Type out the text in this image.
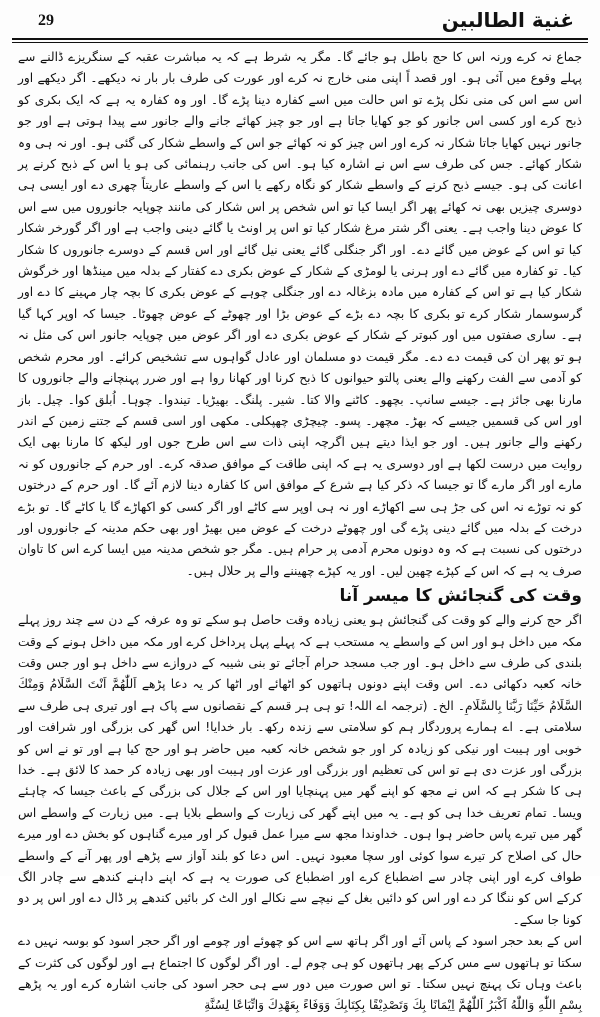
29	غنية الطالبين

جماع نہ کرے ورنہ اس کا حج باطل ہو جائے گا۔ مگر یہ شرط ہے کہ یہ مباشرت عقبہ کے سنگریزے ڈالنے سے پہلے وقوع میں آئی ہو۔ اور قصد اً اپنی منی خارج نہ کرے اور عورت کی طرف بار بار نہ دیکھے۔ اگر دیکھے اور اس سے اس کی منی نکل پڑے تو اس حالت میں اسے کفارہ دینا پڑے گا۔ اور وہ کفارہ یہ ہے کہ ایک بکری کو ذبح کرے اور کسی اس جانور کو جو کھایا جاتا ہے اور جو چیز کھائے جانے والے جانور سے پیدا ہوتی ہے اور جو جانور نہیں کھایا جاتا شکار نہ کرے اور اس چیز کو نہ کھائے جو اس کے واسطے شکار کی گئی ہو۔ اور نہ ہی وہ شکار کھائے۔ جس کی طرف سے اس نے اشارہ کیا ہو۔ اس کی جانب رہنمائی کی ہو یا اس کے ذبح کرنے پر اعانت کی ہو۔ جیسے ذبح کرنے کے واسطے شکار کو نگاہ رکھے یا اس کے واسطے عاریتاً چھری دے اور ایسی ہی دوسری چیزیں بھی نہ کھائے پھر اگر ایسا کیا تو اس شخص پر اس شکار کی مانند چوپایہ جانوروں میں سے اس کا عوض دینا واجب ہے۔ یعنی اگر شتر مرغ شکار کیا تو اس پر اونٹ یا گائے دینی واجب ہے اور اگر گورخر شکار کیا تو اس کے عوض میں گائے دے۔ اور اگر جنگلی گائے یعنی نیل گائے اور اس قسم کے دوسرے جانوروں کا شکار کیا۔ تو کفارہ میں گائے دے اور ہرنی یا لومڑی کے شکار کے عوض بکری دے کفتار کے بدلہ میں مینڈھا اور خرگوش شکار کیا ہے تو اس کے کفارہ میں مادہ بزغالہ دے اور جنگلی چوہے کے عوض بکری کا بچہ چار مہینے کا دے اور گرسوسمار شکار کرے تو بکری کا بچہ دے بڑے کے عوض بڑا اور چھوٹے کے عوض چھوٹا۔ جیسا کہ اوپر کہا گیا ہے۔ ساری صفتوں میں اور کبوتر کے شکار کے عوض بکری دے اور اگر عوض میں چوپایہ جانور اس کی مثل نہ ہو تو پھر ان کی قیمت دے دے۔ مگر قیمت دو مسلمان اور عادل گواہوں سے تشخیص کرائے۔ اور محرم شخص کو آدمی سے الفت رکھنے والے یعنی پالتو حیوانوں کا ذبح کرنا اور کھانا روا ہے اور ضرر پہنچانے والے جانوروں کا مارنا بھی جائز ہے۔ جیسے سانپ۔ بچھو۔ کاٹنے والا کتا۔ شیر۔ پلنگ۔ بھیڑیا۔ تیندوا۔ چوہا۔ اُبلق کوا۔ چیل۔ باز اور اس کی قسمیں جیسے کہ بھڑ۔ مچھر۔ پسو۔ چیچڑی چھپکلی۔ مکھی اور اسی قسم کے جتنے زمین کے اندر رکھنے والے جانور ہیں۔ اور جو ایذا دیتے ہیں اگرچہ اپنی ذات سے اس طرح جوں اور لیکھ کا مارنا بھی ایک روایت میں درست لکھا ہے اور دوسری یہ ہے کہ اپنی طاقت کے موافق صدقہ کرے۔ اور حرم کے جانوروں کو نہ مارے اور اگر مارے گا تو جیسا کہ ذکر کیا ہے شرع کے موافق اس کا کفارہ دینا لازم آئے گا۔ اور حرم کے درختوں کو نہ توڑے نہ اس کی جڑ ہی سے اکھاڑے اور نہ ہی اوپر سے کاٹے اور اگر کسی کو اکھاڑے گا یا کاٹے گا۔ تو بڑے درخت کے بدلہ میں گائے دینی پڑے گی اور چھوٹے درخت کے عوض میں بھیڑ اور بھی حکم مدینہ کے جانوروں اور درختوں کی نسبت ہے کہ وہ دونوں محرم آدمی پر حرام ہیں۔ مگر جو شخص مدینہ میں ایسا کرے اس کا تاوان صرف یہ ہے کہ اس کے کپڑے چھین لیں۔ اور یہ کپڑے چھیننے والے پر حلال ہیں۔

وقت کی گنجائش کا میسر آنا

اگر حج کرنے والے کو وقت کی گنجائش ہو یعنی زیادہ وقت حاصل ہو سکے تو وہ عرفہ کے دن سے چند روز پہلے مکہ میں داخل ہو اور اس کے واسطے یہ مستحب ہے کہ پہلے پہل پرداخل کرے اور مکہ میں داخل ہونے کے وقت بلندی کی طرف سے داخل ہو۔ اور جب مسجد حرام آجائے تو بنی شیبہ کے دروازے سے داخل ہو اور جس وقت خانہ کعبہ دکھائی دے۔ اس وقت اپنے دونوں ہاتھوں کو اٹھائے اور اٹھا کر یہ دعا پڑھے اَللّٰھُمَّ اَنْتَ السَّلَامُ وَمِنْكَ السَّلَامُ حَيِّنَا رَبَّنَا بِالسَّلَامِ۔ الخ۔ (ترجمہ اے اللہ! تو ہی ہر قسم کے نقصانوں سے پاک ہے اور تیری ہی طرف سے سلامتی ہے۔ اے ہمارے پروردگار ہم کو سلامتی سے زندہ رکھ۔ بار خدایا! اس گھر کی بزرگی اور شرافت اور خوبی اور ہیبت اور نیکی کو زیادہ کر اور جو شخص خانہ کعبہ میں حاضر ہو اور حج کیا ہے اور تو نے اس کو بزرگی اور عزت دی ہے تو اس کی تعظیم اور بزرگی اور عزت اور ہیبت اور بھی زیادہ کر حمد کا لائق ہے۔ خدا ہی کا شکر ہے کہ اس نے مجھ کو اپنے گھر میں پہنچایا اور اس کے جلال کی بزرگی کے باعث جیسا کہ چاہئے ویسا۔ تمام تعریف خدا ہی کو ہے۔ یہ میں اپنے گھر کی زیارت کے واسطے بلایا ہے۔ میں زیارت کے واسطے اس گھر میں تیرے پاس حاضر ہوا ہوں۔ خداوندا مجھ سے میرا عمل قبول کر اور میرے گناہوں کو بخش دے اور میرے حال کی اصلاح کر تیرے سوا کوئی اور سچا معبود نہیں۔ اس دعا کو بلند آواز سے پڑھے اور پھر آنے کے واسطے طواف کرے اور اپنی چادر سے اضطباع کرے اور اضطباع کی صورت یہ ہے کہ اپنے داہنے کندھے سے چادر الگ کرکے اس کو ننگا کر دے اور اس کو دائیں بغل کے نیچے سے نکالے اور الٹ کر بائیں کندھے پر ڈال دے اور اس پر دو کونا جا سکے۔

اس کے بعد حجر اسود کے پاس آئے اور اگر ہاتھ سے اس کو چھوئے اور چومے اور اگر حجر اسود کو بوسہ نہیں دے سکتا تو ہاتھوں سے مس کرکے پھر ہاتھوں کو ہی چوم لے۔ اور اگر لوگوں کا اجتماع ہے اور لوگوں کی کثرت کے باعث وہاں تک پہنچ نہیں سکتا۔ تو اس صورت میں دور سے ہی حجر اسود کی جانب اشارہ کرے اور یہ پڑھے بِسْمِ اللّٰهِ وَاللّٰهُ اَكْبَرُ اَللّٰھُمَّ اِیْمَانًا بِكَ وَتَصْدِیْقًا بِكِتَابِكَ وَوَفَاءً بِعَهْدِكَ وَاتِّبَاعًا لِسُنَّةِ
